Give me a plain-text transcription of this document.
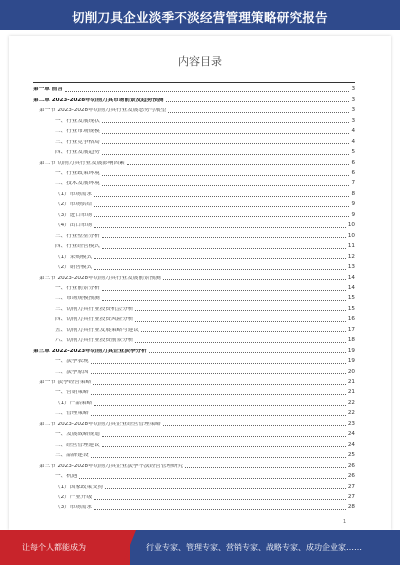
切削刀具企业淡季不淡经营管理策略研究报告
内容目录
第一章 前言	3
第二章 2023-2028年切削刀具市场前景及趋势预测	3
第一节 2023-2028年切削刀具行业发展态势与展望	3
一、行业发展现状	3
二、行业市场规模	4
三、行业竞争格局	4
四、行业发展趋势	5
第二节 切削刀具行业发展影响因素	6
一、行业政策环境	6
二、技术发展环境	7
（1）市场需求	8
（2）市场供给	9
（3）进口市场	9
（4）出口市场	10
三、行业壁垒分析	10
四、行业经营模式	11
（1）采购模式	12
（2）销售模式	13
第三节 2023-2028年切削刀具行业发展前景预测	14
一、行业前景分析	14
二、市场规模预测	15
三、切削刀具行业投资机会分析	15
四、切削刀具行业投资风险分析	16
五、切削刀具行业发展策略与建议	17
六、切削刀具行业投资前景分析	18
第三章 2022-2023年切削刀具企业淡季分析	19
一、淡季表现	19
二、淡季原因	20
第一节 淡季经营策略	21
一、营销策略	21
（1）产品策略	22
二、管理策略	22
第二节 2023-2028年切削刀具企业经营管理策略	23
一、发展战略规划	24
二、经营管理建议	24
三、品牌建设	25
第三节 2023-2028年切削刀具企业淡季不淡经营管理研究	26
一、机遇	26
（1）国家政策支持	27
（2）产业升级	27
（3）市场需求	28
1
让每个人都能成为	行业专家、管理专家、营销专家、战略专家、成功企业家……
